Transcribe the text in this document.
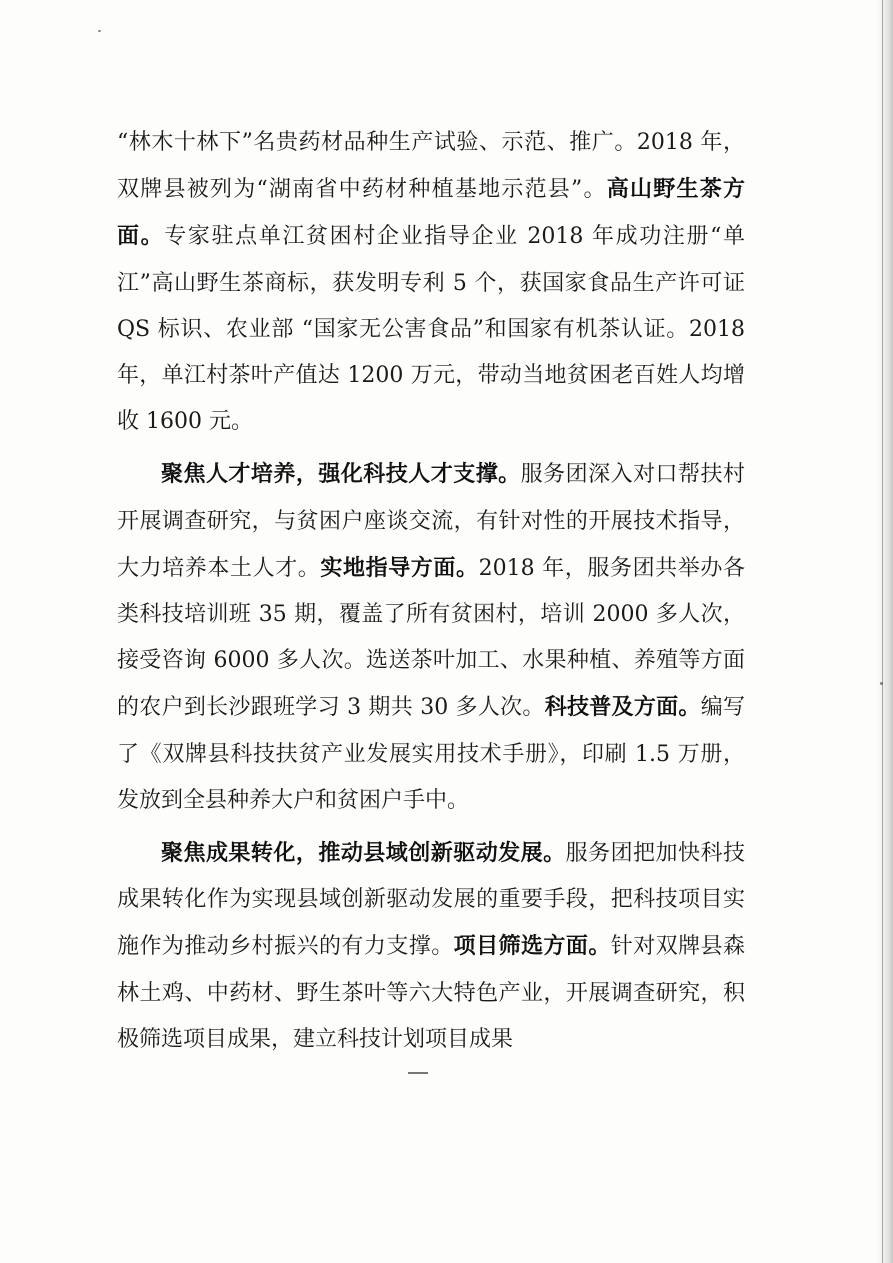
“林木十林下”名贵药材品种生产试验、示范、推广。2018 年，双牌县被列为“湖南省中药材种植基地示范县”。高山野生茶方面。专家驻点单江贫困村企业指导企业 2018 年成功注册“单江”高山野生茶商标，获发明专利 5 个，获国家食品生产许可证 QS 标识、农业部 “国家无公害食品”和国家有机茶认证。2018 年，单江村茶叶产值达 1200 万元，带动当地贫困老百姓人均增收 1600 元。

聚焦人才培养，强化科技人才支撑。服务团深入对口帮扶村开展调查研究，与贫困户座谈交流，有针对性的开展技术指导，大力培养本土人才。实地指导方面。2018 年，服务团共举办各类科技培训班 35 期，覆盖了所有贫困村，培训 2000 多人次，接受咨询 6000 多人次。选送茶叶加工、水果种植、养殖等方面的农户到长沙跟班学习 3 期共 30 多人次。科技普及方面。编写了《双牌县科技扶贫产业发展实用技术手册》，印刷 1.5 万册，发放到全县种养大户和贫困户手中。

聚焦成果转化，推动县域创新驱动发展。服务团把加快科技成果转化作为实现县域创新驱动发展的重要手段，把科技项目实施作为推动乡村振兴的有力支撑。项目筛选方面。针对双牌县森林土鸡、中药材、野生茶叶等六大特色产业，开展调查研究，积极筛选项目成果，建立科技计划项目成果
